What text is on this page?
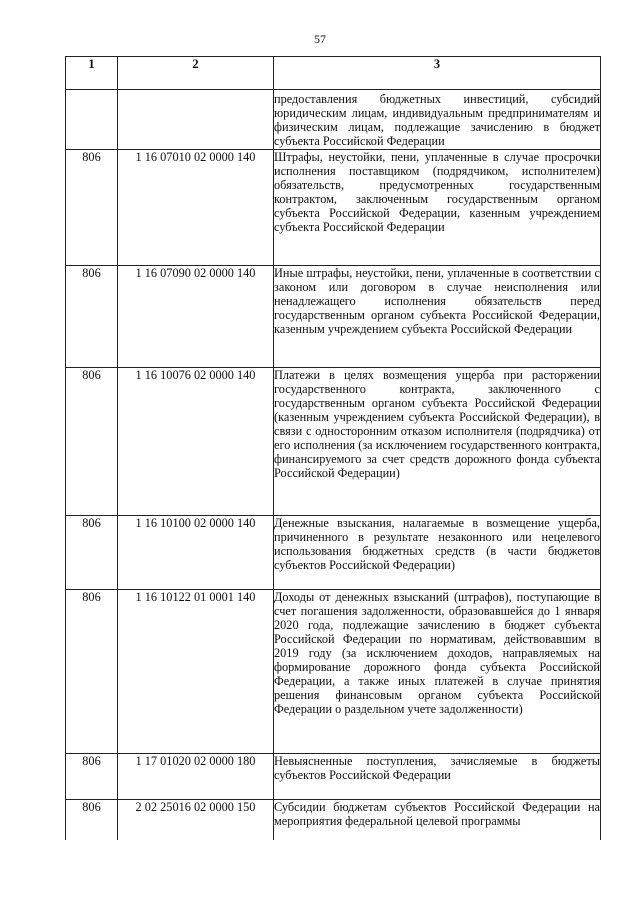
57
1	2	3
		предоставления бюджетных инвестиций, субсидий юридическим лицам, индивидуальным предпринимателям и физическим лицам, подлежащие зачислению в бюджет субъекта Российской Федерации
806	1 16 07010 02 0000 140	Штрафы, неустойки, пени, уплаченные в случае просрочки исполнения поставщиком (подрядчиком, исполнителем) обязательств, предусмотренных государственным контрактом, заключенным государственным органом субъекта Российской Федерации, казенным учреждением субъекта Российской Федерации
806	1 16 07090 02 0000 140	Иные штрафы, неустойки, пени, уплаченные в соответствии с законом или договором в случае неисполнения или ненадлежащего исполнения обязательств перед государственным органом субъекта Российской Федерации, казенным учреждением субъекта Российской Федерации
806	1 16 10076 02 0000 140	Платежи в целях возмещения ущерба при расторжении государственного контракта, заключенного с государственным органом субъекта Российской Федерации (казенным учреждением субъекта Российской Федерации), в связи с односторонним отказом исполнителя (подрядчика) от его исполнения (за исключением государственного контракта, финансируемого за счет средств дорожного фонда субъекта Российской Федерации)
806	1 16 10100 02 0000 140	Денежные взыскания, налагаемые в возмещение ущерба, причиненного в результате незаконного или нецелевого использования бюджетных средств (в части бюджетов субъектов Российской Федерации)
806	1 16 10122 01 0001 140	Доходы от денежных взысканий (штрафов), поступающие в счет погашения задолженности, образовавшейся до 1 января 2020 года, подлежащие зачислению в бюджет субъекта Российской Федерации по нормативам, действовавшим в 2019 году (за исключением доходов, направляемых на формирование дорожного фонда субъекта Российской Федерации, а также иных платежей в случае принятия решения финансовым органом субъекта Российской Федерации о раздельном учете задолженности)
806	1 17 01020 02 0000 180	Невыясненные поступления, зачисляемые в бюджеты субъектов Российской Федерации
806	2 02 25016 02 0000 150	Субсидии бюджетам субъектов Российской Федерации на мероприятия федеральной целевой программы
